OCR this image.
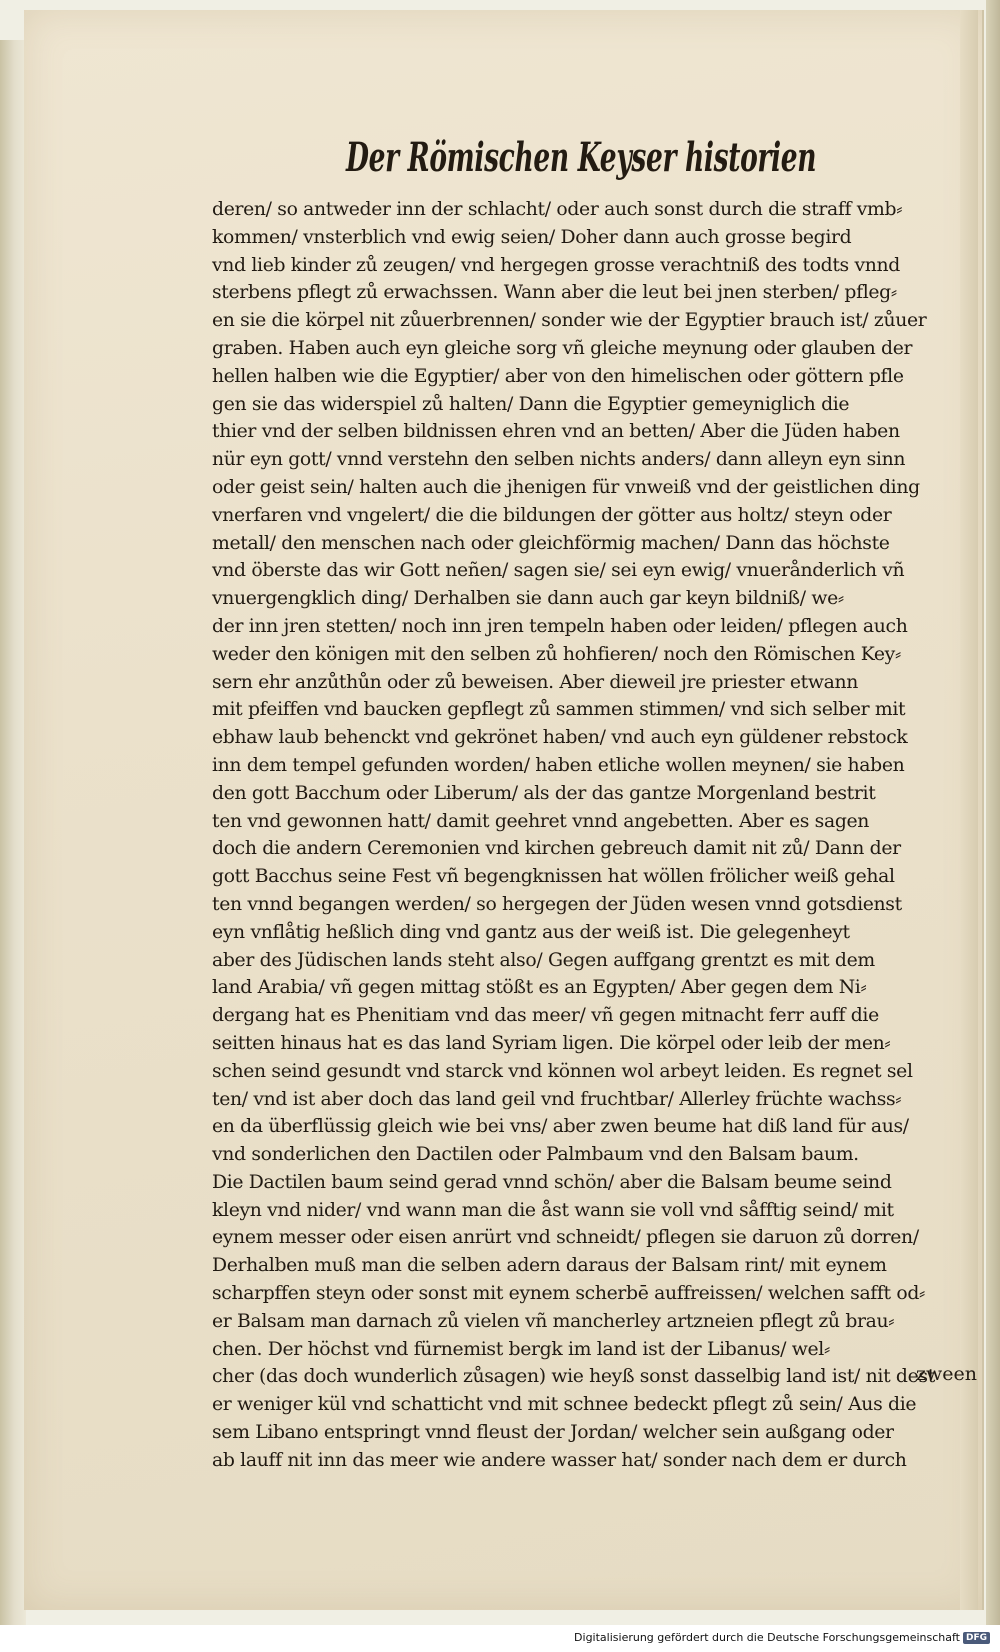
Der Römischen Keyser historien
deren/ so antweder inn der schlacht/ oder auch sonst durch die straff vmb⸗
kommen/ vnsterblich vnd ewig seien/ Doher dann auch grosse begird
vnd lieb kinder zů zeugen/ vnd hergegen grosse verachtniß des todts vnnd
sterbens pflegt zů erwachssen. Wann aber die leut bei jnen sterben/ pfleg⸗
en sie die körpel nit zůuerbrennen/ sonder wie der Egyptier brauch ist/ zůuer
graben. Haben auch eyn gleiche sorg vñ gleiche meynung oder glauben der
hellen halben wie die Egyptier/ aber von den himelischen oder göttern pfle
gen sie das widerspiel zů halten/ Dann die Egyptier gemeyniglich die
thier vnd der selben bildnissen ehren vnd an betten/ Aber die Jüden haben
nür eyn gott/ vnnd verstehn den selben nichts anders/ dann alleyn eyn sinn
oder geist sein/ halten auch die jhenigen für vnweiß vnd der geistlichen ding
vnerfaren vnd vngelert/ die die bildungen der götter aus holtz/ steyn oder
metall/ den menschen nach oder gleichförmig machen/ Dann das höchste
vnd öberste das wir Gott neñen/ sagen sie/ sei eyn ewig/ vnuerånderlich vñ
vnuergengklich ding/ Derhalben sie dann auch gar keyn bildniß/ we⸗
der inn jren stetten/ noch inn jren tempeln haben oder leiden/ pflegen auch
weder den königen mit den selben zů hohfieren/ noch den Römischen Key⸗
sern ehr anzůthůn oder zů beweisen. Aber dieweil jre priester etwann
mit pfeiffen vnd baucken gepflegt zů sammen stimmen/ vnd sich selber mit
ebhaw laub behenckt vnd gekrönet haben/ vnd auch eyn güldener rebstock
inn dem tempel gefunden worden/ haben etliche wollen meynen/ sie haben
den gott Bacchum oder Liberum/ als der das gantze Morgenland bestrit
ten vnd gewonnen hatt/ damit geehret vnnd angebetten. Aber es sagen
doch die andern Ceremonien vnd kirchen gebreuch damit nit zů/ Dann der
gott Bacchus seine Fest vñ begengknissen hat wöllen frölicher weiß gehal
ten vnnd begangen werden/ so hergegen der Jüden wesen vnnd gotsdienst
eyn vnflåtig heßlich ding vnd gantz aus der weiß ist. Die gelegenheyt
aber des Jüdischen lands steht also/ Gegen auffgang grentzt es mit dem
land Arabia/ vñ gegen mittag stößt es an Egypten/ Aber gegen dem Ni⸗
dergang hat es Phenitiam vnd das meer/ vñ gegen mitnacht ferr auff die
seitten hinaus hat es das land Syriam ligen. Die körpel oder leib der men⸗
schen seind gesundt vnd starck vnd können wol arbeyt leiden. Es regnet sel
ten/ vnd ist aber doch das land geil vnd fruchtbar/ Allerley früchte wachss⸗
en da überflüssig gleich wie bei vns/ aber zwen beume hat diß land für aus/
vnd sonderlichen den Dactilen oder Palmbaum vnd den Balsam baum.
Die Dactilen baum seind gerad vnnd schön/ aber die Balsam beume seind
kleyn vnd nider/ vnd wann man die åst wann sie voll vnd såfftig seind/ mit
eynem messer oder eisen anrürt vnd schneidt/ pflegen sie daruon zů dorren/
Derhalben muß man die selben adern daraus der Balsam rint/ mit eynem
scharpffen steyn oder sonst mit eynem scherbē auffreissen/ welchen safft od⸗
er Balsam man darnach zů vielen vñ mancherley artzneien pflegt zů brau⸗
chen. Der höchst vnd fürnemist bergk im land ist der Libanus/ wel⸗
cher (das doch wunderlich zůsagen) wie heyß sonst dasselbig land ist/ nit dest
er weniger kül vnd schatticht vnd mit schnee bedeckt pflegt zů sein/ Aus die
sem Libano entspringt vnnd fleust der Jordan/ welcher sein außgang oder
ab lauff nit inn das meer wie andere wasser hat/ sonder nach dem er durch
zween
Digitalisierung gefördert durch die Deutsche Forschungsgemeinschaft DFG
